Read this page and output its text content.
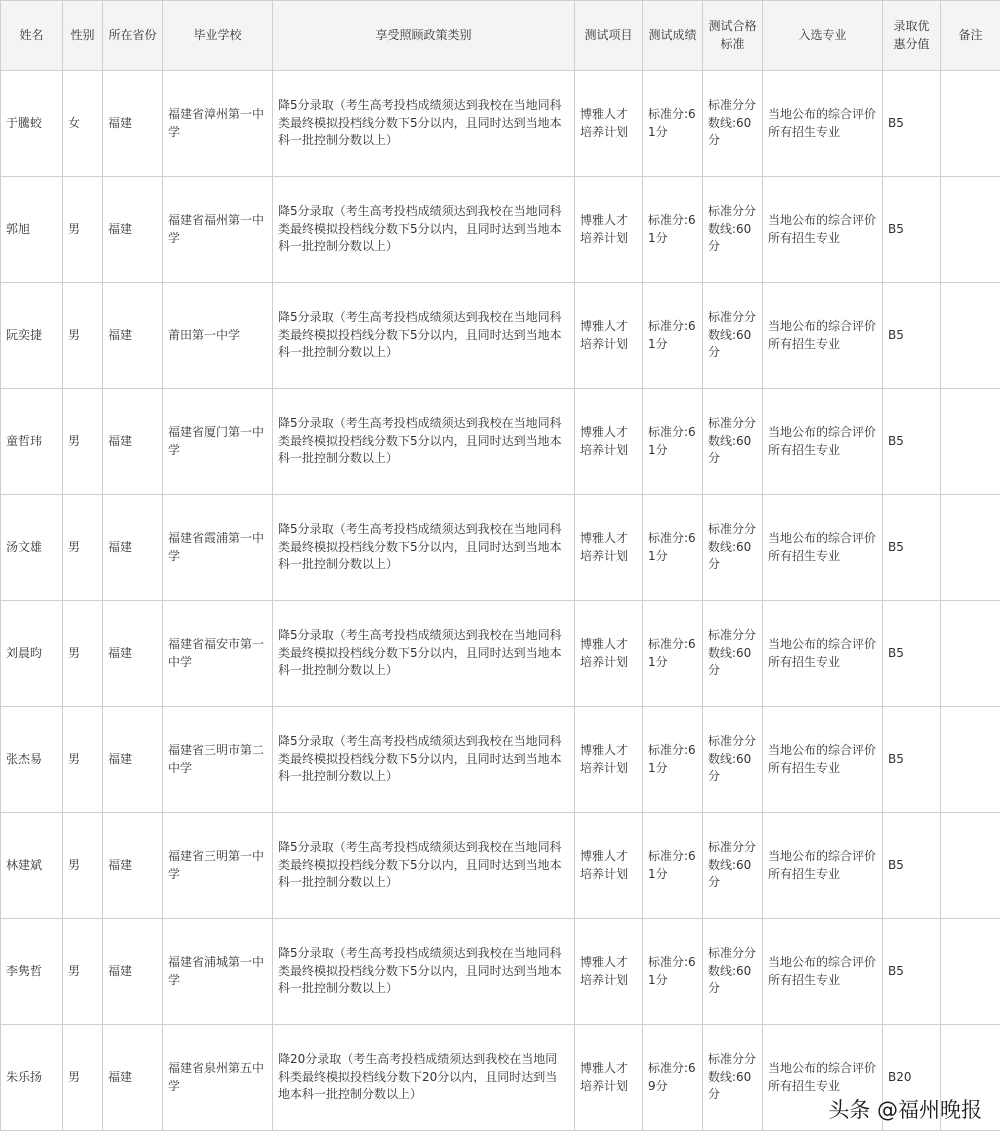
姓名	性别	所在省份	毕业学校	享受照顾政策类别	测试项目	测试成绩	测试合格标准	入选专业	录取优惠分值	备注
于騰蛟	女	福建	福建省漳州第一中学	降5分录取（考生高考投档成绩须达到我校在当地同科类最终模拟投档线分数下5分以内，且同时达到当地本科一批控制分数以上）	博雅人才培养计划	标准分:61分	标准分分数线:60分	当地公布的综合评价所有招生专业	B5	
郭旭	男	福建	福建省福州第一中学	降5分录取（考生高考投档成绩须达到我校在当地同科类最终模拟投档线分数下5分以内，且同时达到当地本科一批控制分数以上）	博雅人才培养计划	标准分:61分	标准分分数线:60分	当地公布的综合评价所有招生专业	B5	
阮奕捷	男	福建	莆田第一中学	降5分录取（考生高考投档成绩须达到我校在当地同科类最终模拟投档线分数下5分以内，且同时达到当地本科一批控制分数以上）	博雅人才培养计划	标准分:61分	标准分分数线:60分	当地公布的综合评价所有招生专业	B5	
童哲玮	男	福建	福建省厦门第一中学	降5分录取（考生高考投档成绩须达到我校在当地同科类最终模拟投档线分数下5分以内，且同时达到当地本科一批控制分数以上）	博雅人才培养计划	标准分:61分	标准分分数线:60分	当地公布的综合评价所有招生专业	B5	
汤文雄	男	福建	福建省霞浦第一中学	降5分录取（考生高考投档成绩须达到我校在当地同科类最终模拟投档线分数下5分以内，且同时达到当地本科一批控制分数以上）	博雅人才培养计划	标准分:61分	标准分分数线:60分	当地公布的综合评价所有招生专业	B5	
刘晨昀	男	福建	福建省福安市第一中学	降5分录取（考生高考投档成绩须达到我校在当地同科类最终模拟投档线分数下5分以内，且同时达到当地本科一批控制分数以上）	博雅人才培养计划	标准分:61分	标准分分数线:60分	当地公布的综合评价所有招生专业	B5	
张杰易	男	福建	福建省三明市第二中学	降5分录取（考生高考投档成绩须达到我校在当地同科类最终模拟投档线分数下5分以内，且同时达到当地本科一批控制分数以上）	博雅人才培养计划	标准分:61分	标准分分数线:60分	当地公布的综合评价所有招生专业	B5	
林建斌	男	福建	福建省三明第一中学	降5分录取（考生高考投档成绩须达到我校在当地同科类最终模拟投档线分数下5分以内，且同时达到当地本科一批控制分数以上）	博雅人才培养计划	标准分:61分	标准分分数线:60分	当地公布的综合评价所有招生专业	B5	
李隽哲	男	福建	福建省浦城第一中学	降5分录取（考生高考投档成绩须达到我校在当地同科类最终模拟投档线分数下5分以内，且同时达到当地本科一批控制分数以上）	博雅人才培养计划	标准分:61分	标准分分数线:60分	当地公布的综合评价所有招生专业	B5	
朱乐扬	男	福建	福建省泉州第五中学	降20分录取（考生高考投档成绩须达到我校在当地同科类最终模拟投档线分数下20分以内，且同时达到当地本科一批控制分数以上）	博雅人才培养计划	标准分:69分	标准分分数线:60分	当地公布的综合评价所有招生专业	B20	
头条 @福州晚报
